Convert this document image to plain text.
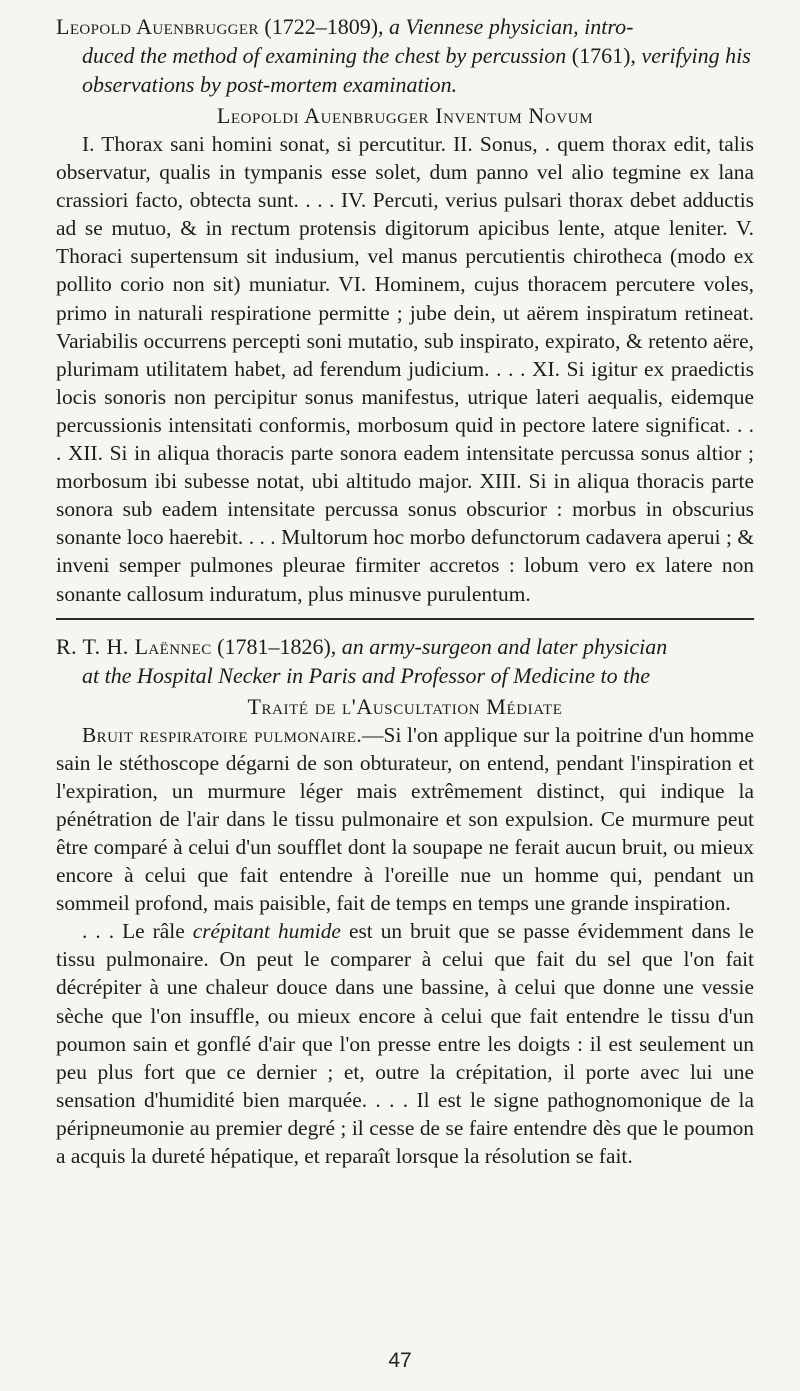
Leopold Auenbrugger (1722–1809), a Viennese physician, intro-
duced the method of examining the chest by percussion (1761), verifying his observations by post-mortem examination.

Leopoldi Auenbrugger Inventum Novum

I. Thorax sani homini sonat, si percutitur. II. Sonus, . quem thorax edit, talis observatur, qualis in tympanis esse solet, dum panno vel alio tegmine ex lana crassiori facto, obtecta sunt. . . . IV. Percuti, verius pulsari thorax debet adductis ad se mutuo, & in rectum protensis digitorum apicibus lente, atque leniter. V. Thoraci supertensum sit indusium, vel manus percutientis chirotheca (modo ex pollito corio non sit) muniatur. VI. Hominem, cujus thoracem percutere voles, primo in naturali respiratione permitte ; jube dein, ut aërem inspiratum retineat. Variabilis occurrens percepti soni mutatio, sub inspirato, expirato, & retento aëre, plurimam utilitatem habet, ad ferendum judicium. . . . XI. Si igitur ex praedictis locis sonoris non percipitur sonus manifestus, utrique lateri aequalis, eidemque percussionis intensitati conformis, morbosum quid in pectore latere significat. . . . XII. Si in aliqua thoracis parte sonora eadem intensitate percussa sonus altior ; morbosum ibi subesse notat, ubi altitudo major. XIII. Si in aliqua thoracis parte sonora sub eadem intensitate percussa sonus obscurior : morbus in obscurius sonante loco haerebit. . . . Multorum hoc morbo defunctorum cadavera aperui ; & inveni semper pulmones pleurae firmiter accretos : lobum vero ex latere non sonante callosum induratum, plus minusve purulentum.

R. T. H. Laënnec (1781–1826), an army-surgeon and later physician
at the Hospital Necker in Paris and Professor of Medicine to the

Traité de l'Auscultation Médiate

Bruit respiratoire pulmonaire.—Si l'on applique sur la poitrine d'un homme sain le stéthoscope dégarni de son obturateur, on entend, pendant l'inspiration et l'expiration, un murmure léger mais extrêmement distinct, qui indique la pénétration de l'air dans le tissu pulmonaire et son expulsion. Ce murmure peut être comparé à celui d'un soufflet dont la soupape ne ferait aucun bruit, ou mieux encore à celui que fait entendre à l'oreille nue un homme qui, pendant un sommeil profond, mais paisible, fait de temps en temps une grande inspiration.

. . . Le râle crépitant humide est un bruit que se passe évidemment dans le tissu pulmonaire. On peut le comparer à celui que fait du sel que l'on fait décrépiter à une chaleur douce dans une bassine, à celui que donne une vessie sèche que l'on insuffle, ou mieux encore à celui que fait entendre le tissu d'un poumon sain et gonflé d'air que l'on presse entre les doigts : il est seulement un peu plus fort que ce dernier ; et, outre la crépitation, il porte avec lui une sensation d'humidité bien marquée. . . . Il est le signe pathognomonique de la péripneumonie au premier degré ; il cesse de se faire entendre dès que le poumon a acquis la dureté hépatique, et reparaît lorsque la résolution se fait.

47
